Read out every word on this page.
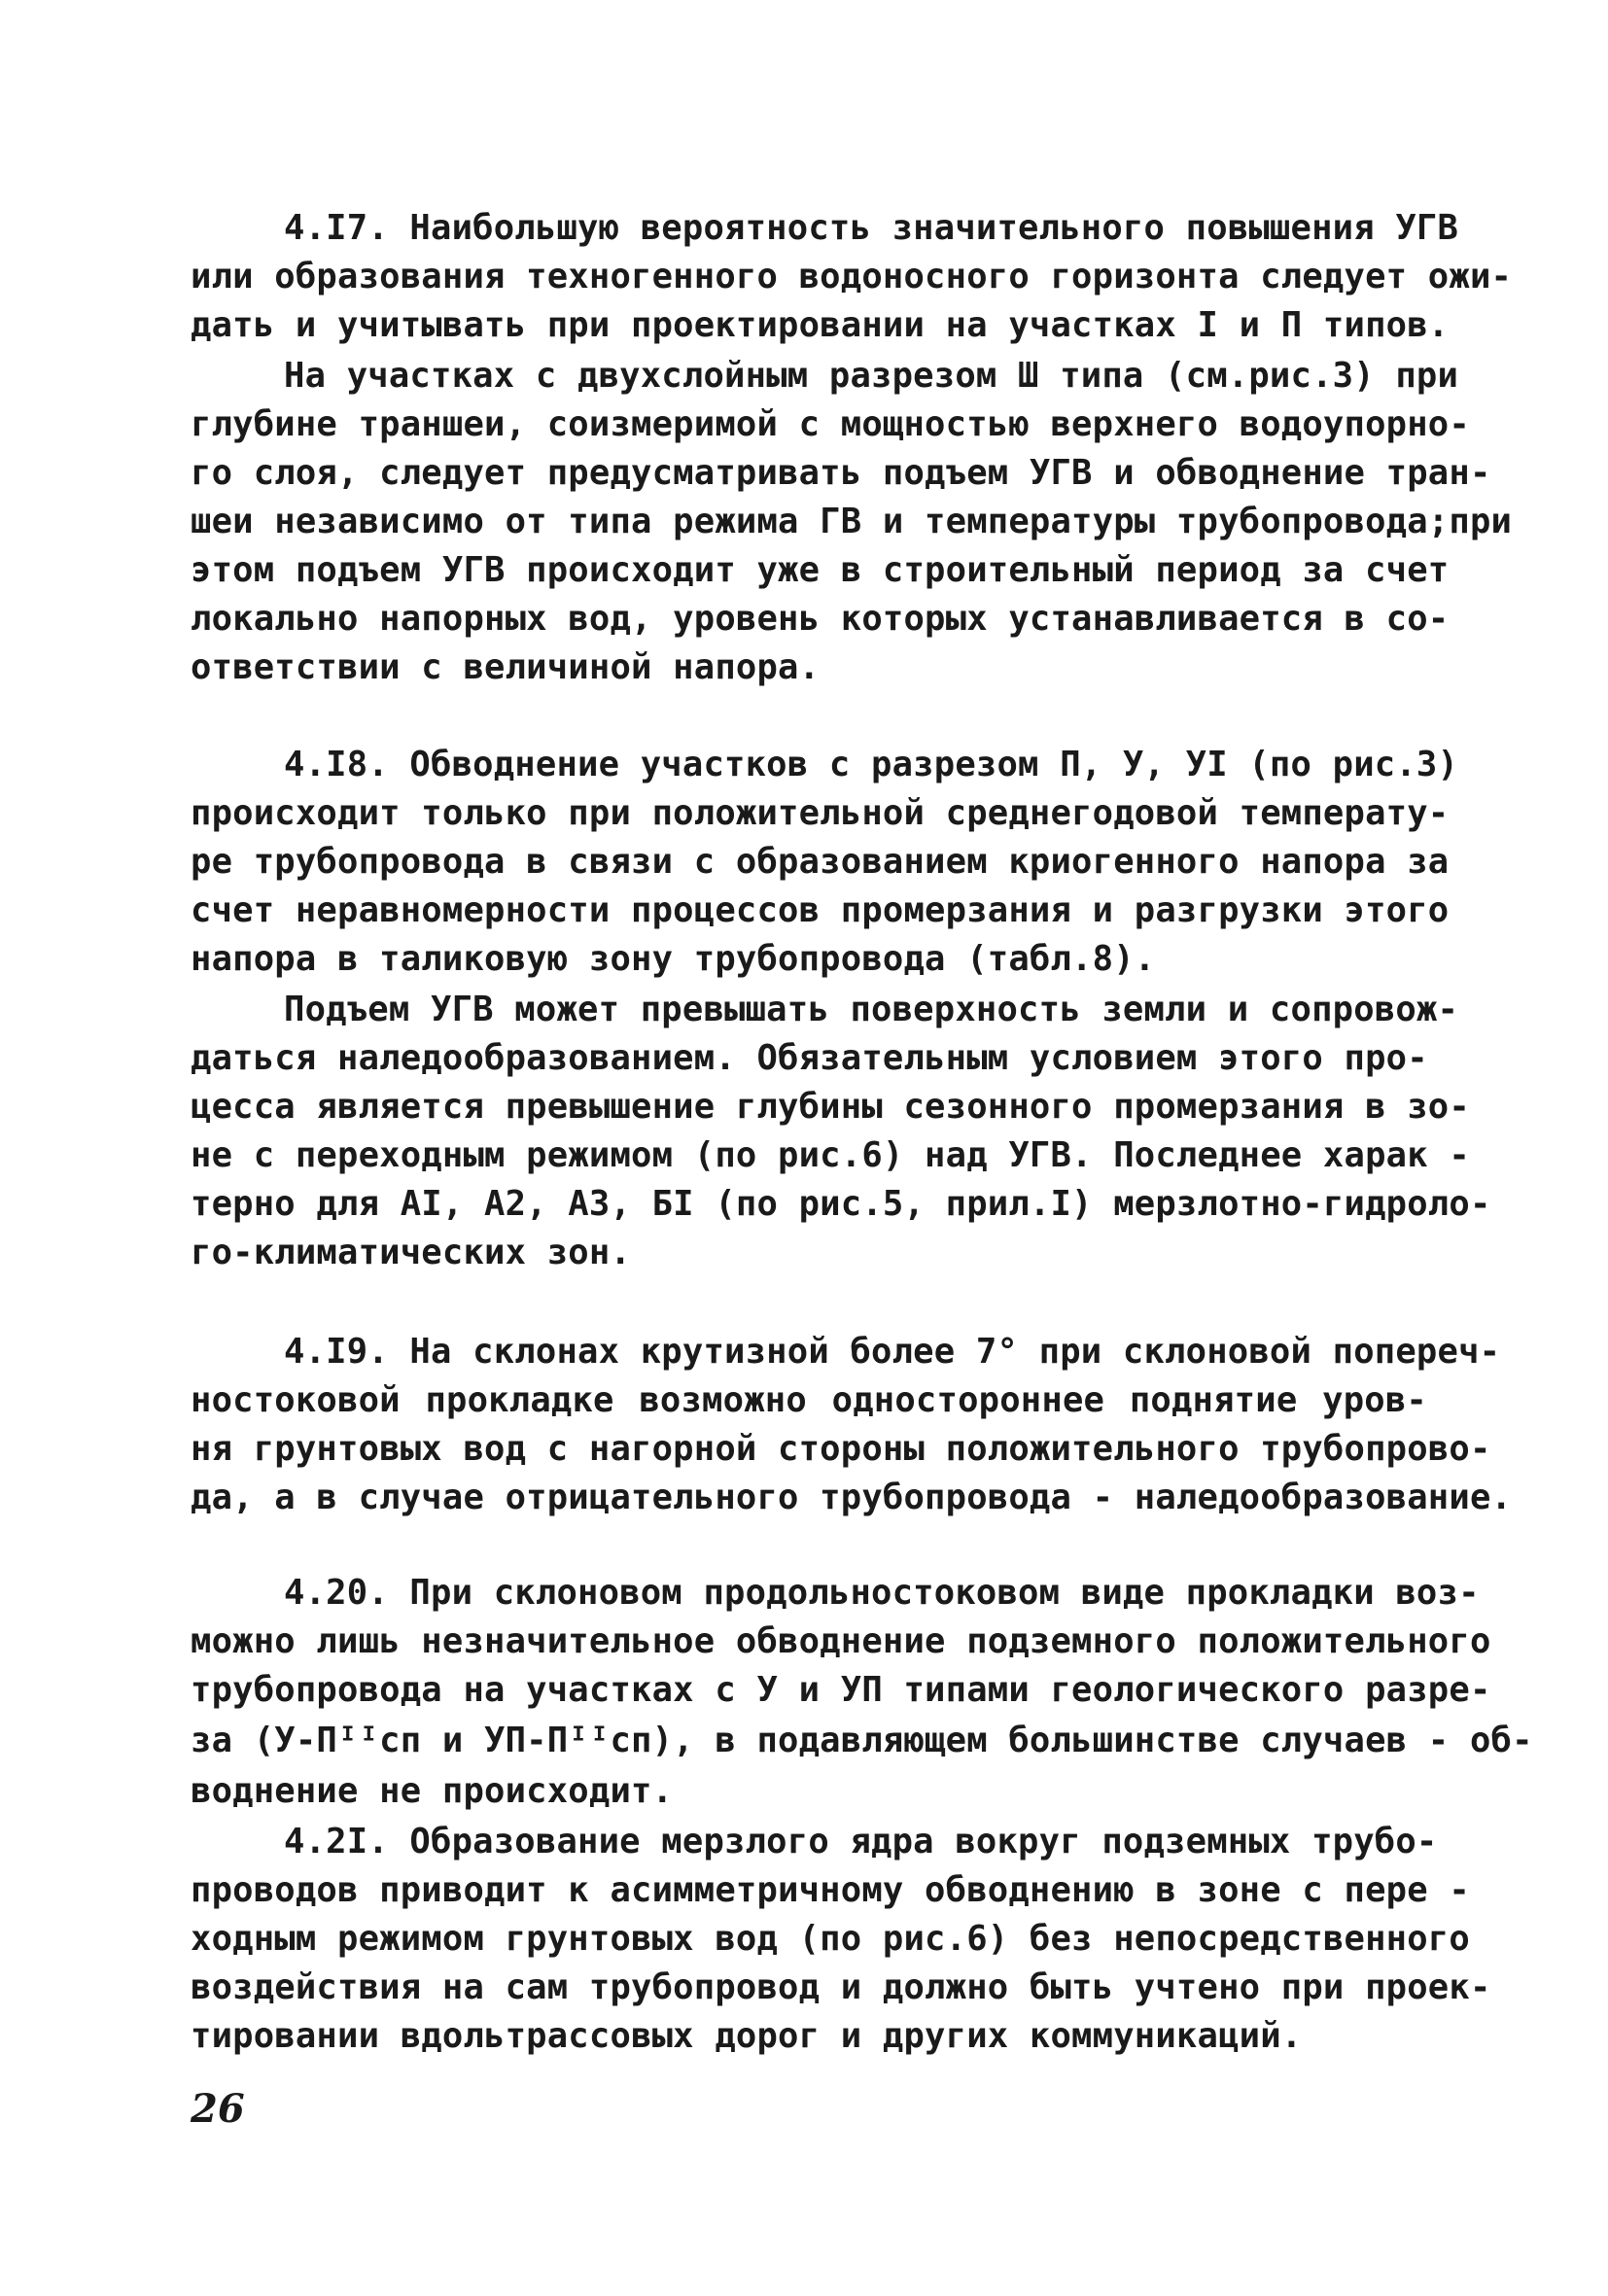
4.I7. Наибольшую вероятность значительного повышения УГВ
или образования техногенного водоносного горизонта следует ожи-
дать и учитывать при проектировании на участках I и П типов.
На участках с двухслойным разрезом Ш типа (см.рис.3) при
глубине траншеи, соизмеримой с мощностью верхнего водоупорно-
го слоя, следует предусматривать подъем УГВ и обводнение тран-
шеи независимо от типа режима ГВ и температуры трубопровода;при
этом подъем УГВ происходит уже в строительный период за счет
локально напорных вод, уровень которых устанавливается в со-
ответствии с величиной напора.
4.I8. Обводнение участков с разрезом П, У, УI (по рис.3)
происходит только при положительной среднегодовой температу-
ре трубопровода в связи с образованием криогенного напора за
счет неравномерности процессов промерзания и разгрузки этого
напора в таликовую зону трубопровода (табл.8).
Подъем УГВ может превышать поверхность земли и сопровож-
даться наледообразованием. Обязательным условием этого про-
цесса является превышение глубины сезонного промерзания в зо-
не с переходным режимом (по рис.6) над УГВ. Последнее харак -
терно для АI, А2, А3, БI (по рис.5, прил.I) мерзлотно-гидроло-
го-климатических зон.
4.I9. На склонах крутизной более 7° при склоновой попереч-
ностоковой прокладке возможно одностороннее поднятие уров-
ня грунтовых вод с нагорной стороны положительного трубопрово-
да, а в случае отрицательного трубопровода - наледообразование.
4.20. При склоновом продольностоковом виде прокладки воз-
можно лишь незначительное обводнение подземного положительного
трубопровода на участках с У и УП типами геологического разре-
за (У-Пᴵᴵсп и УП-Пᴵᴵсп), в подавляющем большинстве случаев - об-
воднение не происходит.
4.2I. Образование мерзлого ядра вокруг подземных трубо-
проводов приводит к асимметричному обводнению в зоне с пере -
ходным режимом грунтовых вод (по рис.6) без непосредственного
воздействия на сам трубопровод и должно быть учтено при проек-
тировании вдольтрассовых дорог и других коммуникаций.
26
